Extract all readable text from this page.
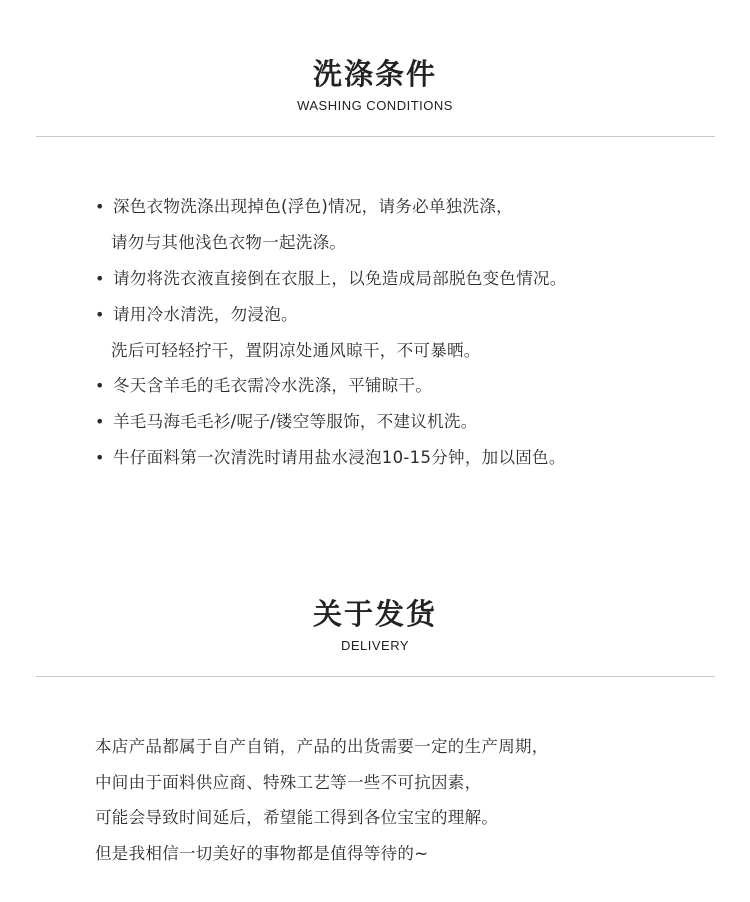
洗涤条件
WASHING CONDITIONS
• 深色衣物洗涤出现掉色(浮色)情况，请务必单独洗涤，
请勿与其他浅色衣物一起洗涤。
• 请勿将洗衣液直接倒在衣服上，以免造成局部脱色变色情况。
• 请用冷水清洗，勿浸泡。
洗后可轻轻拧干，置阴凉处通风晾干，不可暴晒。
• 冬天含羊毛的毛衣需冷水洗涤，平铺晾干。
• 羊毛马海毛毛衫/呢子/镂空等服饰，不建议机洗。
• 牛仔面料第一次清洗时请用盐水浸泡10-15分钟，加以固色。
关于发货
DELIVERY
本店产品都属于自产自销，产品的出货需要一定的生产周期，
中间由于面料供应商、特殊工艺等一些不可抗因素，
可能会导致时间延后，希望能工得到各位宝宝的理解。
但是我相信一切美好的事物都是值得等待的~
